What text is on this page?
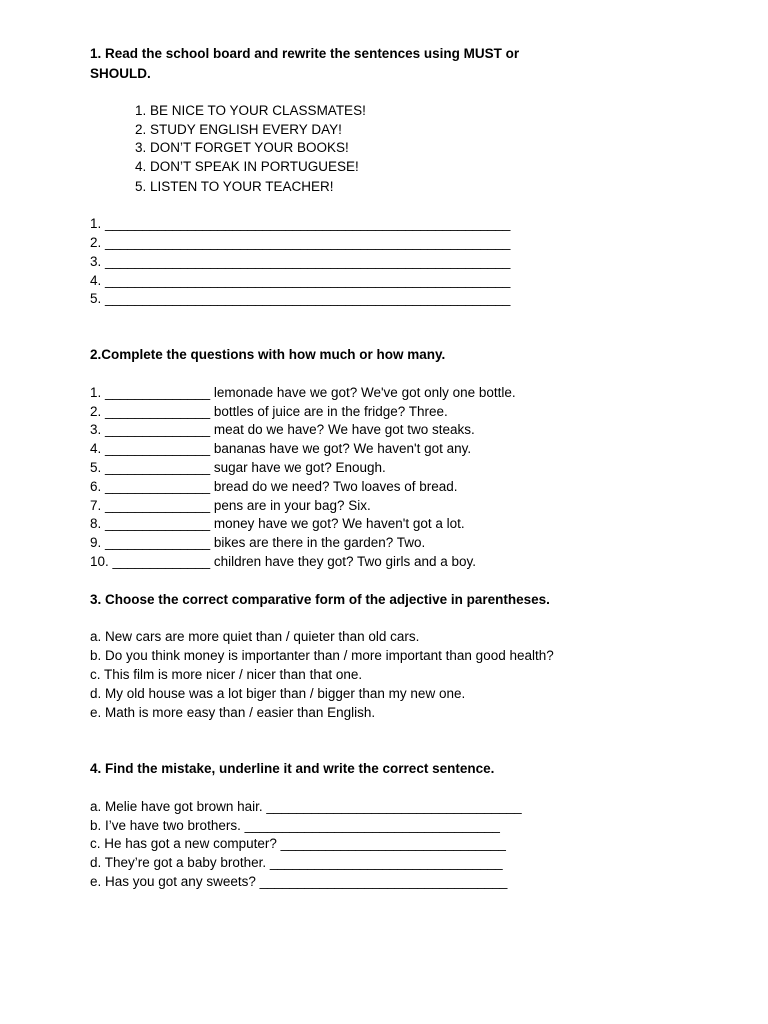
1. Read the school board and rewrite the sentences using MUST or
SHOULD.
1. BE NICE TO YOUR CLASSMATES!
2. STUDY ENGLISH EVERY DAY!
3. DON’T FORGET YOUR BOOKS!
4. DON’T SPEAK IN PORTUGUESE!
5. LISTEN TO YOUR TEACHER!
1. ______________________________________________________
2. ______________________________________________________
3. ______________________________________________________
4. ______________________________________________________
5. ______________________________________________________
2.Complete the questions with how much or how many.
1. ______________ lemonade have we got? We've got only one bottle.
2. ______________ bottles of juice are in the fridge? Three.
3. ______________ meat do we have? We have got two steaks.
4. ______________ bananas have we got? We haven't got any.
5. ______________ sugar have we got? Enough.
6. ______________ bread do we need? Two loaves of bread.
7. ______________ pens are in your bag? Six.
8. ______________ money have we got? We haven't got a lot.
9. ______________ bikes are there in the garden? Two.
10. _____________ children have they got? Two girls and a boy.
3. Choose the correct comparative form of the adjective in parentheses.
a. New cars are more quiet than / quieter than old cars.
b. Do you think money is importanter than / more important than good health?
c. This film is more nicer / nicer than that one.
d. My old house was a lot biger than / bigger than my new one.
e. Math is more easy than / easier than English.
4. Find the mistake, underline it and write the correct sentence.
a. Melie have got brown hair. __________________________________
b. I’ve have two brothers. __________________________________
c. He has got a new computer? ______________________________
d. They’re got a baby brother. _______________________________
e. Has you got any sweets? _________________________________
